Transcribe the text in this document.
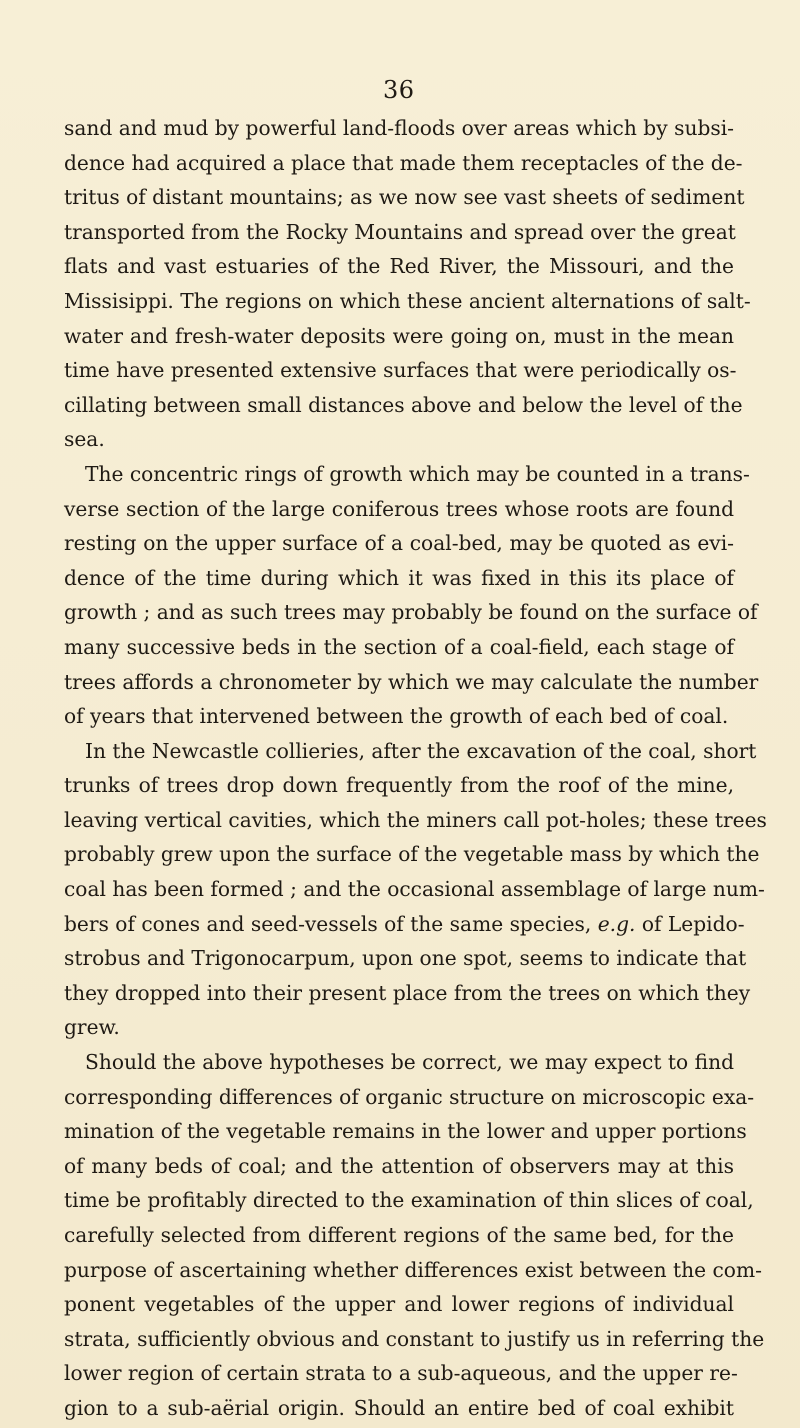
36
sand and mud by powerful land-floods over areas which by subsi-
dence had acquired a place that made them receptacles of the de-
tritus of distant mountains; as we now see vast sheets of sediment
transported from the Rocky Mountains and spread over the great
flats and vast estuaries of the Red River, the Missouri, and the
Missisippi. The regions on which these ancient alternations of salt-
water and fresh-water deposits were going on, must in the mean
time have presented extensive surfaces that were periodically os-
cillating between small distances above and below the level of the
sea.
The concentric rings of growth which may be counted in a trans-
verse section of the large coniferous trees whose roots are found
resting on the upper surface of a coal-bed, may be quoted as evi-
dence of the time during which it was fixed in this its place of
growth ; and as such trees may probably be found on the surface of
many successive beds in the section of a coal-field, each stage of
trees affords a chronometer by which we may calculate the number
of years that intervened between the growth of each bed of coal.
In the Newcastle collieries, after the excavation of the coal, short
trunks of trees drop down frequently from the roof of the mine,
leaving vertical cavities, which the miners call pot-holes; these trees
probably grew upon the surface of the vegetable mass by which the
coal has been formed ; and the occasional assemblage of large num-
bers of cones and seed-vessels of the same species, e.g. of Lepido-
strobus and Trigonocarpum, upon one spot, seems to indicate that
they dropped into their present place from the trees on which they
grew.
Should the above hypotheses be correct, we may expect to find
corresponding differences of organic structure on microscopic exa-
mination of the vegetable remains in the lower and upper portions
of many beds of coal; and the attention of observers may at this
time be profitably directed to the examination of thin slices of coal,
carefully selected from different regions of the same bed, for the
purpose of ascertaining whether differences exist between the com-
ponent vegetables of the upper and lower regions of individual
strata, sufficiently obvious and constant to justify us in referring the
lower region of certain strata to a sub-aqueous, and the upper re-
gion to a sub-aërial origin. Should an entire bed of coal exhibit
